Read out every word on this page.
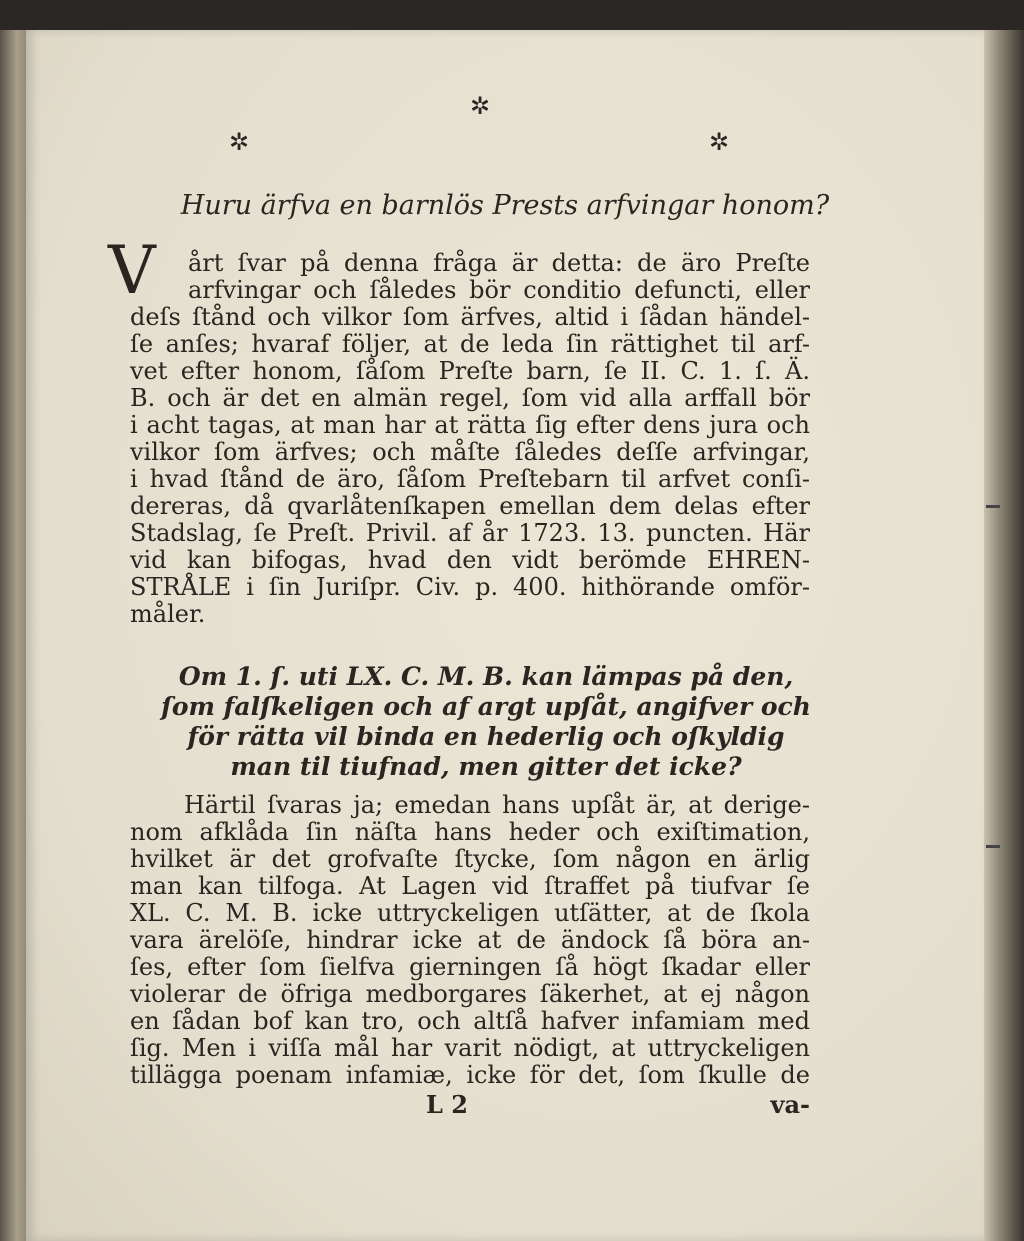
✲
✲	✲
Huru ärfva en barnlös Prests arfvingar honom?
V	årt ſvar på denna fråga är detta: de äro Preſte
arfvingar och ſåledes bör conditio defuncti, eller
deſs ſtånd och vilkor ſom ärfves, altid i ſådan händel-
ſe anſes; hvaraf följer, at de leda ſin rättighet til arf-
vet efter honom, ſåſom Preſte barn, ſe II. C. 1. ſ. Ä.
B. och är det en almän regel, ſom vid alla arffall bör
i acht tagas, at man har at rätta ſig efter dens jura och
vilkor ſom ärfves; och måſte ſåledes deſſe arfvingar,
i hvad ſtånd de äro, ſåſom Preſtebarn til arfvet conſi-
dereras, då qvarlåtenſkapen emellan dem delas efter
Stadslag, ſe Preſt. Privil. af år 1723. 13. puncten. Här
vid kan bifogas, hvad den vidt berömde EHREN-
STRÅLE i ſin Juriſpr. Civ. p. 400. hithörande omför-
måler.
Om 1. ſ. uti LX. C. M. B. kan lämpas på den,
ſom falſkeligen och af argt upſåt, angifver och
för rätta vil binda en hederlig och oſkyldig
man til tiufnad, men gitter det icke?
Härtil ſvaras ja; emedan hans upſåt är, at derige-
nom afklåda ſin näſta hans heder och exiſtimation,
hvilket är det grofvaſte ſtycke, ſom någon en ärlig
man kan tilfoga. At Lagen vid ſtraffet på tiufvar ſe
XL. C. M. B. icke uttryckeligen utſätter, at de ſkola
vara ärelöſe, hindrar icke at de ändock ſå böra an-
ſes, efter ſom ſielfva gierningen ſå högt ſkadar eller
violerar de öfriga medborgares ſäkerhet, at ej någon
en ſådan bof kan tro, och altſå hafver infamiam med
ſig. Men i viſſa mål har varit nödigt, at uttryckeligen
tillägga poenam infamiæ, icke för det, ſom ſkulle de
L 2	va-
